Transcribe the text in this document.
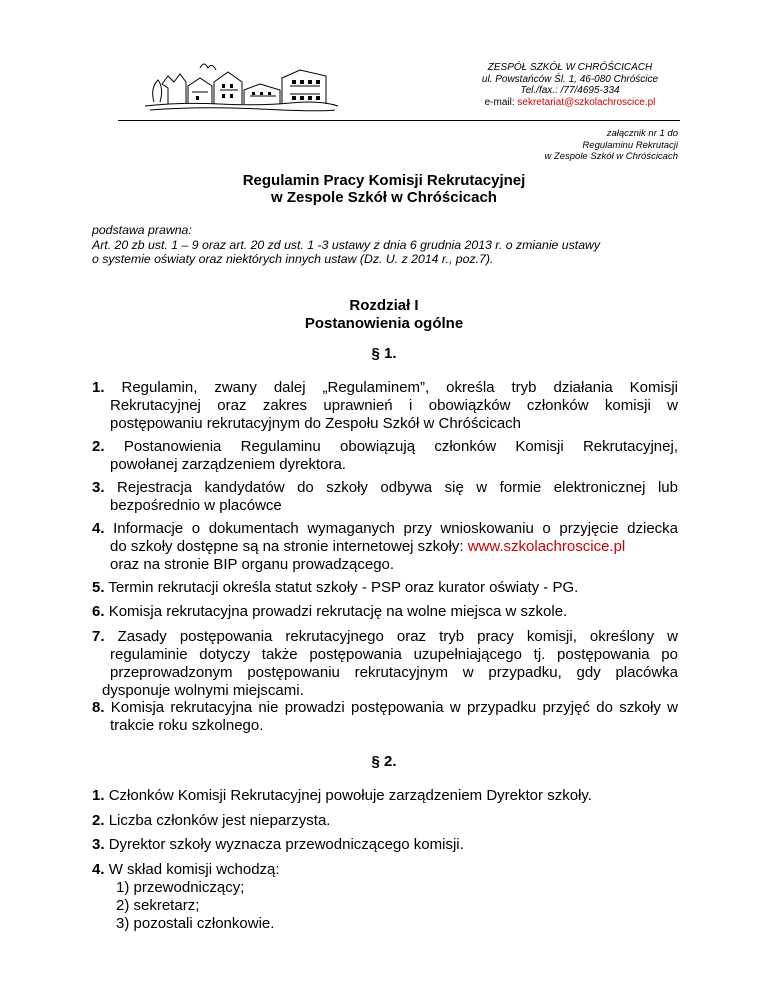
ZESPÓŁ SZKÓŁ W CHRÓŚCICACH
ul. Powstańców Śl. 1, 46-080 Chróścice
Tel./fax.: /77/4695-334
e-mail: sekretariat@szkolachroscice.pl
załącznik nr 1 do
Regulaminu Rekrutacji
w Zespole Szkół w Chróścicach
Regulamin Pracy Komisji Rekrutacyjnej
w Zespole Szkół w Chróścicach
podstawa prawna:
Art. 20 zb ust. 1 – 9 oraz art. 20 zd ust. 1 -3 ustawy z dnia 6 grudnia 2013 r. o zmianie ustawy
o systemie oświaty oraz niektórych innych ustaw (Dz. U. z 2014 r., poz.7).
Rozdział I
Postanowienia ogólne
§ 1.
1. Regulamin, zwany dalej „Regulaminem”, określa tryb działania Komisji
Rekrutacyjnej oraz zakres uprawnień i obowiązków członków komisji w
postępowaniu rekrutacyjnym do Zespołu Szkół w Chróścicach
2. Postanowienia Regulaminu obowiązują członków Komisji Rekrutacyjnej,
powołanej zarządzeniem dyrektora.
3. Rejestracja kandydatów do szkoły odbywa się w formie elektronicznej lub
bezpośrednio w placówce
4. Informacje o dokumentach wymaganych przy wnioskowaniu o przyjęcie dziecka
do szkoły dostępne są na stronie internetowej szkoły: www.szkolachroscice.pl
oraz na stronie BIP organu prowadzącego.
5. Termin rekrutacji określa statut szkoły - PSP oraz kurator oświaty - PG.
6. Komisja rekrutacyjna prowadzi rekrutację na wolne miejsca w szkole.
7. Zasady postępowania rekrutacyjnego oraz tryb pracy komisji, określony w
regulaminie dotyczy także postępowania uzupełniającego tj. postępowania po
przeprowadzonym postępowaniu rekrutacyjnym w przypadku, gdy placówka
dysponuje wolnymi miejscami.
8. Komisja rekrutacyjna nie prowadzi postępowania w przypadku przyjęć do szkoły w
trakcie roku szkolnego.
§ 2.
1. Członków Komisji Rekrutacyjnej powołuje zarządzeniem Dyrektor szkoły.
2. Liczba członków jest nieparzysta.
3. Dyrektor szkoły wyznacza przewodniczącego komisji.
4. W skład komisji wchodzą:
1) przewodniczący;
2) sekretarz;
3) pozostali członkowie.
